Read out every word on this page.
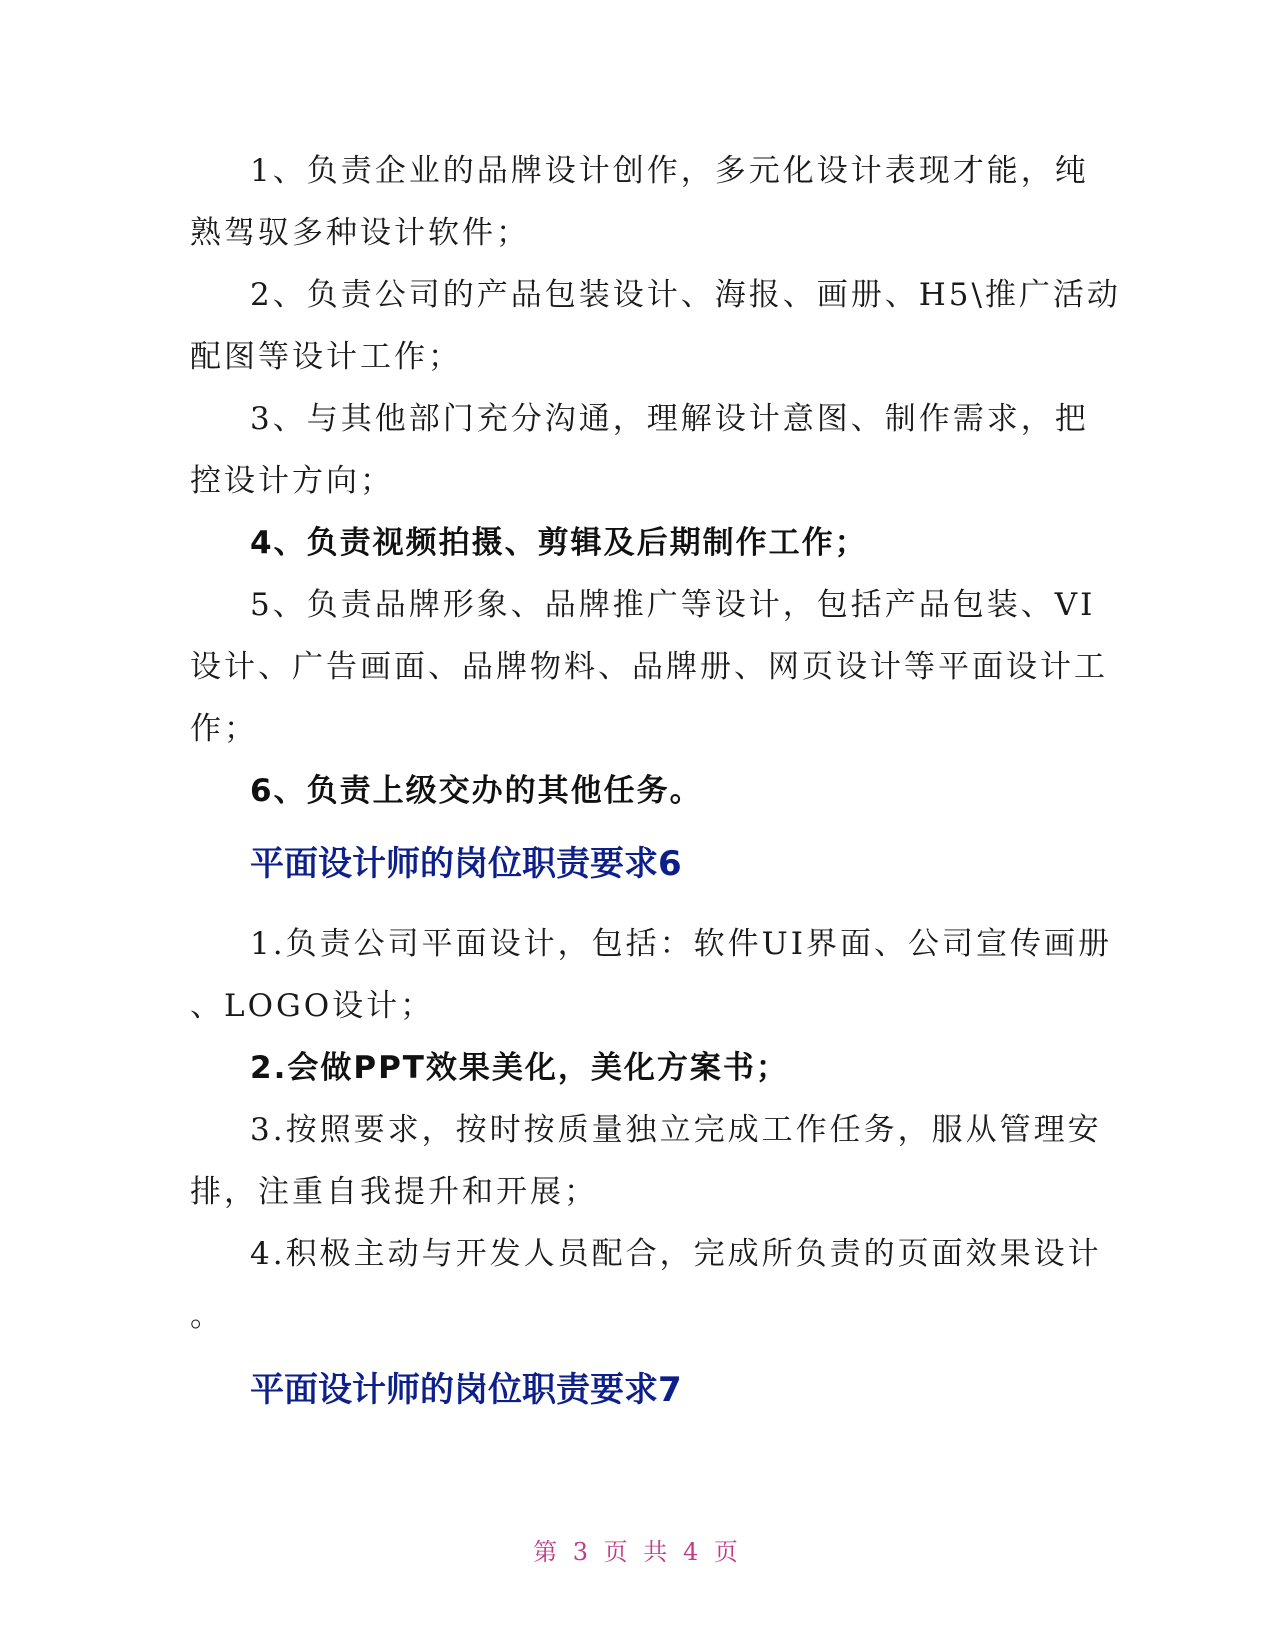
1、负责企业的品牌设计创作，多元化设计表现才能，纯
熟驾驭多种设计软件；
2、负责公司的产品包装设计、海报、画册、H5\推广活动
配图等设计工作；
3、与其他部门充分沟通，理解设计意图、制作需求，把
控设计方向；
4、负责视频拍摄、剪辑及后期制作工作；
5、负责品牌形象、品牌推广等设计，包括产品包装、VI
设计、广告画面、品牌物料、品牌册、网页设计等平面设计工
作；
6、负责上级交办的其他任务。
平面设计师的岗位职责要求6
1.负责公司平面设计，包括：软件UI界面、公司宣传画册
、LOGO设计；
2.会做PPT效果美化，美化方案书；
3.按照要求，按时按质量独立完成工作任务，服从管理安
排，注重自我提升和开展；
4.积极主动与开发人员配合，完成所负责的页面效果设计
。
平面设计师的岗位职责要求7
第 3 页 共 4 页
